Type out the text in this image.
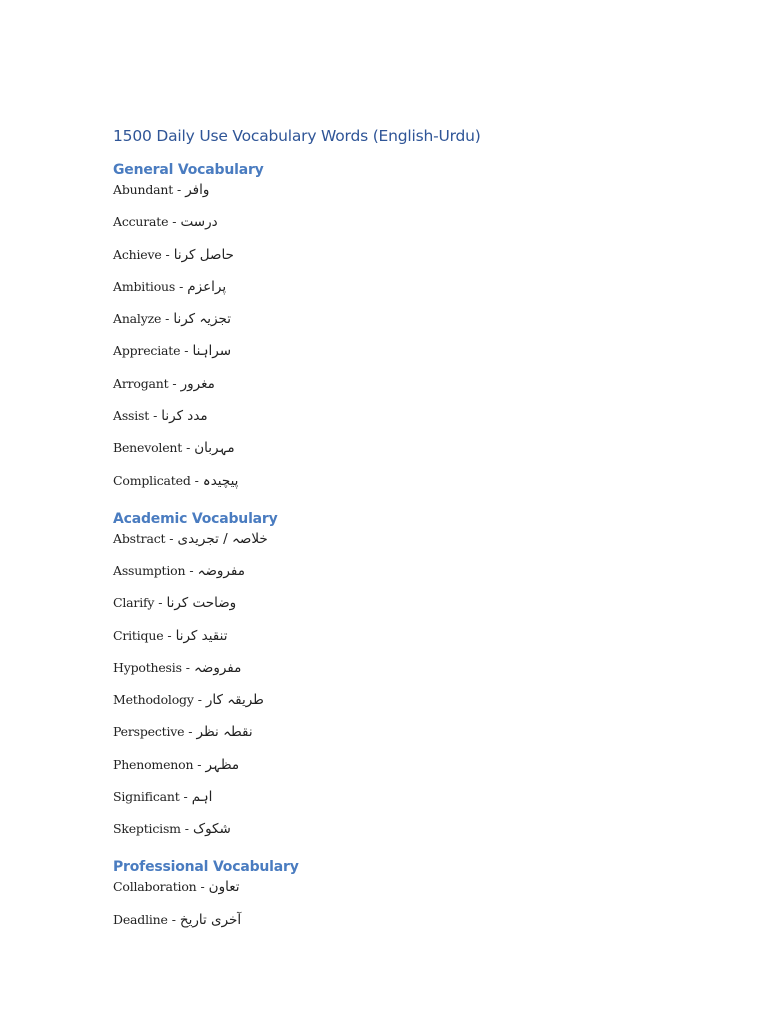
1500 Daily Use Vocabulary Words (English-Urdu)
General Vocabulary
Abundant - وافر
Accurate - درست
Achieve - حاصل کرنا
Ambitious - پراعزم
Analyze - تجزیہ کرنا
Appreciate - سراہنا
Arrogant - مغرور
Assist - مدد کرنا
Benevolent - مہربان
Complicated - پیچیدہ
Academic Vocabulary
Abstract - خلاصہ / تجریدی
Assumption - مفروضہ
Clarify - وضاحت کرنا
Critique - تنقید کرنا
Hypothesis - مفروضہ
Methodology - طریقہ کار
Perspective - نقطہ نظر
Phenomenon - مظہر
Significant - اہم
Skepticism - شکوک
Professional Vocabulary
Collaboration - تعاون
Deadline - آخری تاریخ
